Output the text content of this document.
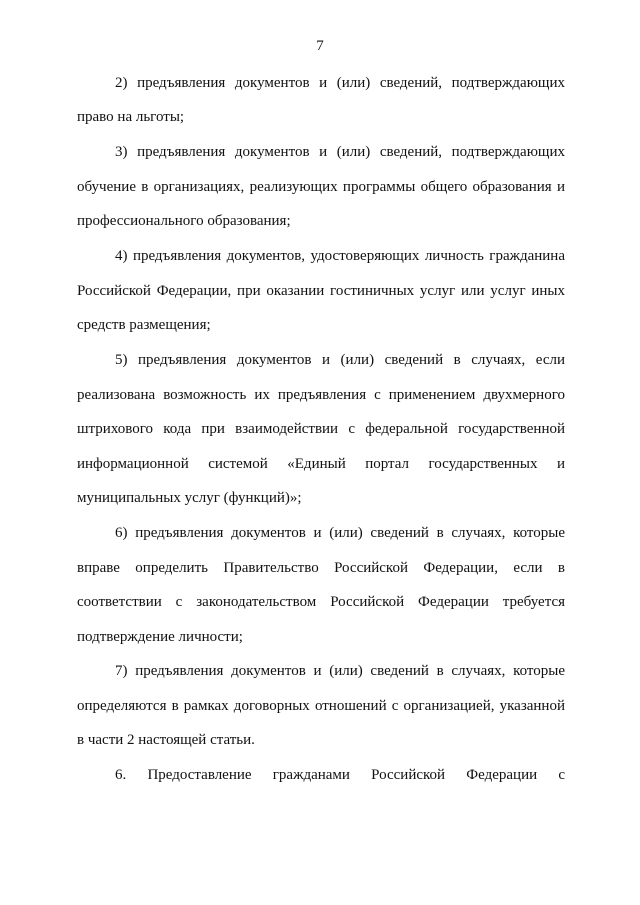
7
2) предъявления документов и (или) сведений, подтверждающих
право на льготы;
3) предъявления документов и (или) сведений, подтверждающих
обучение в организациях, реализующих программы общего образования и
профессионального образования;
4) предъявления документов, удостоверяющих личность гражданина
Российской Федерации, при оказании гостиничных услуг или услуг иных
средств размещения;
5) предъявления документов и (или) сведений в случаях, если
реализована возможность их предъявления с применением двухмерного
штрихового кода при взаимодействии с федеральной государственной
информационной системой «Единый портал государственных и
муниципальных услуг (функций)»;
6) предъявления документов и (или) сведений в случаях, которые
вправе определить Правительство Российской Федерации, если в
соответствии с законодательством Российской Федерации требуется
подтверждение личности;
7) предъявления документов и (или) сведений в случаях, которые
определяются в рамках договорных отношений с организацией, указанной
в части 2 настоящей статьи.
6. Предоставление гражданами Российской Федерации с
